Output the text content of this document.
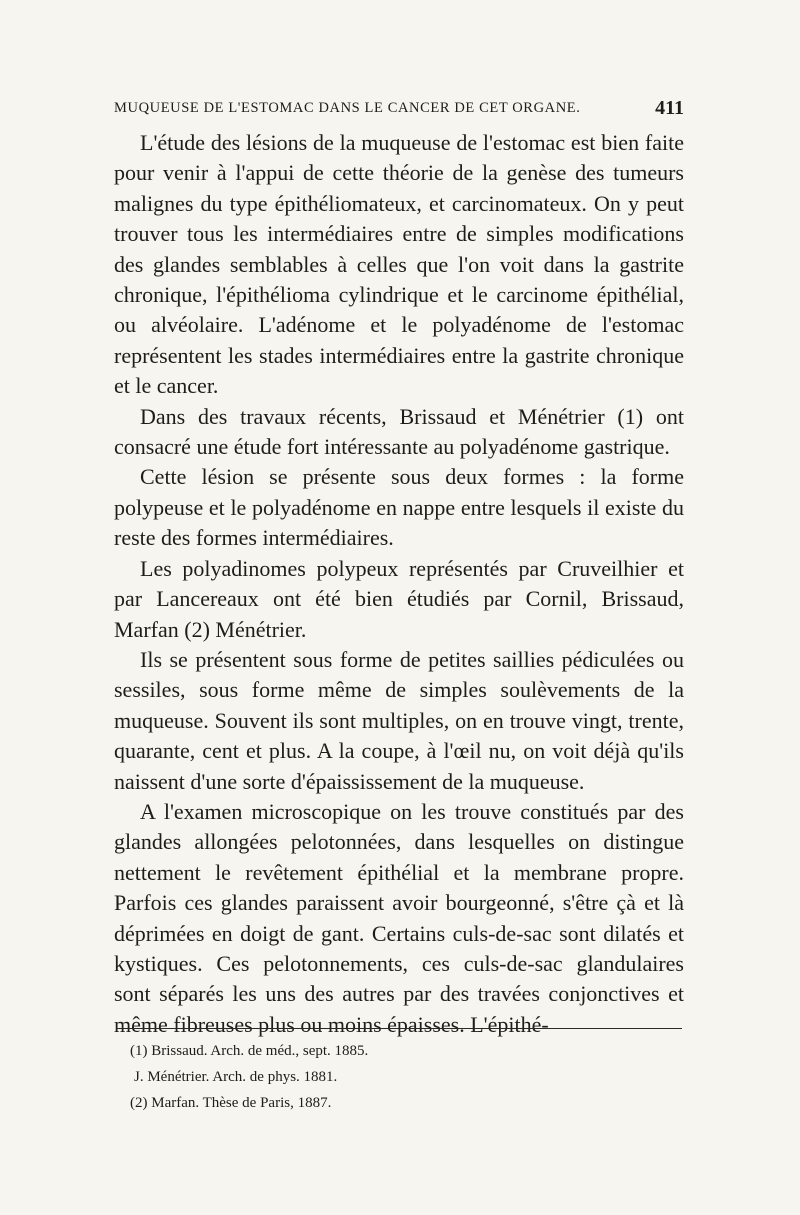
MUQUEUSE DE L'ESTOMAC DANS LE CANCER DE CET ORGANE.	411

L'étude des lésions de la muqueuse de l'estomac est bien faite pour venir à l'appui de cette théorie de la genèse des tumeurs malignes du type épithéliomateux, et carcinomateux. On y peut trouver tous les intermédiaires entre de simples modifications des glandes semblables à celles que l'on voit dans la gastrite chronique, l'épithélioma cylindrique et le carcinome épithélial, ou alvéolaire. L'adénome et le polyadénome de l'estomac représentent les stades intermédiaires entre la gastrite chronique et le cancer.

Dans des travaux récents, Brissaud et Ménétrier (1) ont consacré une étude fort intéressante au polyadénome gastrique.

Cette lésion se présente sous deux formes : la forme polypeuse et le polyadénome en nappe entre lesquels il existe du reste des formes intermédiaires.

Les polyadinomes polypeux représentés par Cruveilhier et par Lancereaux ont été bien étudiés par Cornil, Brissaud, Marfan (2) Ménétrier.

Ils se présentent sous forme de petites saillies pédiculées ou sessiles, sous forme même de simples soulèvements de la muqueuse. Souvent ils sont multiples, on en trouve vingt, trente, quarante, cent et plus. A la coupe, à l'œil nu, on voit déjà qu'ils naissent d'une sorte d'épaississement de la muqueuse.

A l'examen microscopique on les trouve constitués par des glandes allongées pelotonnées, dans lesquelles on distingue nettement le revêtement épithélial et la membrane propre. Parfois ces glandes paraissent avoir bourgeonné, s'être çà et là déprimées en doigt de gant. Certains culs-de-sac sont dilatés et kystiques. Ces pelotonnements, ces culs-de-sac glandulaires sont séparés les uns des autres par des travées conjonctives et même fibreuses plus ou moins épaisses. L'épithé-

(1) Brissaud. Arch. de méd., sept. 1885.
J. Ménétrier. Arch. de phys. 1881.
(2) Marfan. Thèse de Paris, 1887.
